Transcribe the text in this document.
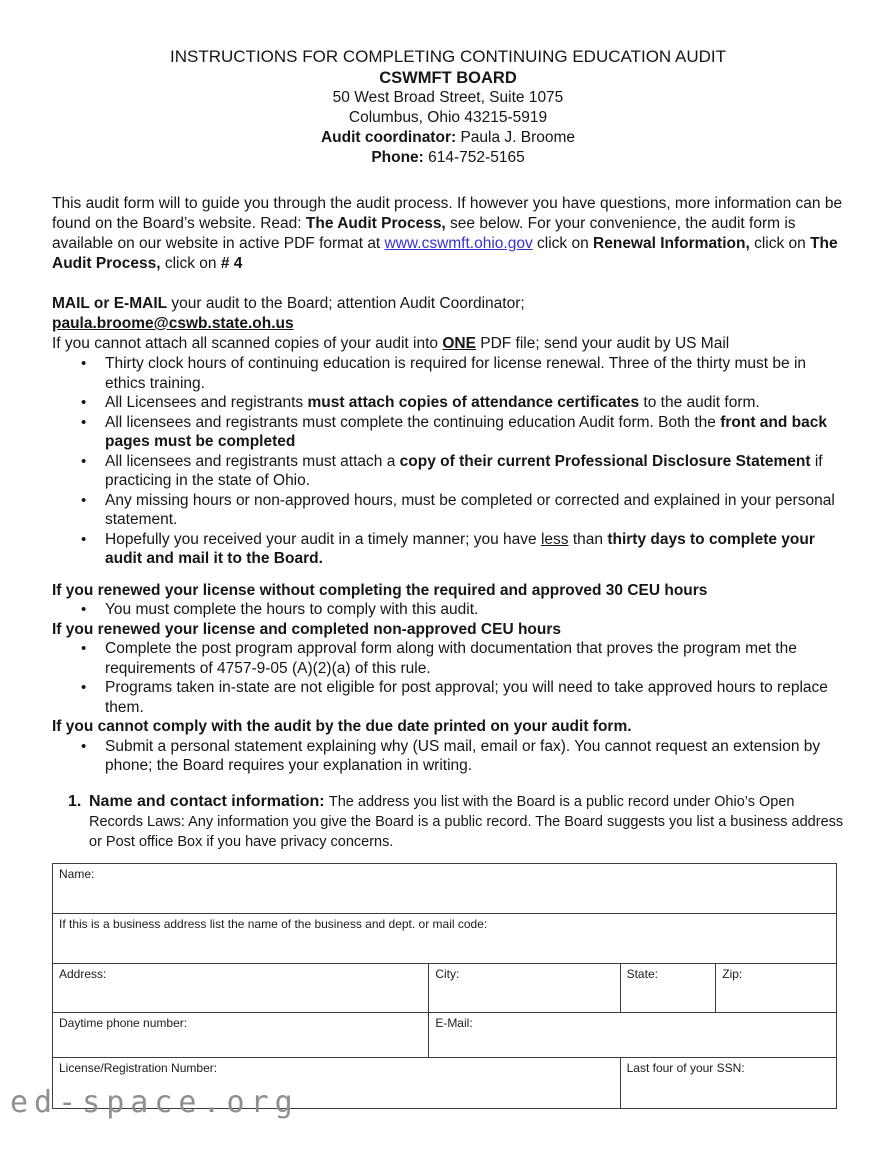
INSTRUCTIONS FOR COMPLETING CONTINUING EDUCATION AUDIT
CSWMFT BOARD
50 West Broad Street, Suite 1075
Columbus, Ohio 43215-5919
Audit coordinator: Paula J. Broome
Phone: 614-752-5165
This audit form will to guide you through the audit process. If however you have questions, more information can be found on the Board’s website. Read: The Audit Process, see below. For your convenience, the audit form is available on our website in active PDF format at www.cswmft.ohio.gov click on Renewal Information, click on The Audit Process, click on # 4
MAIL or E-MAIL your audit to the Board; attention Audit Coordinator;
paula.broome@cswb.state.oh.us
If you cannot attach all scanned copies of your audit into ONE PDF file; send your audit by US Mail
• Thirty clock hours of continuing education is required for license renewal. Three of the thirty must be in ethics training.
• All Licensees and registrants must attach copies of attendance certificates to the audit form.
• All licensees and registrants must complete the continuing education Audit form. Both the front and back pages must be completed
• All licensees and registrants must attach a copy of their current Professional Disclosure Statement if practicing in the state of Ohio.
• Any missing hours or non-approved hours, must be completed or corrected and explained in your personal statement.
• Hopefully you received your audit in a timely manner; you have less than thirty days to complete your audit and mail it to the Board.
If you renewed your license without completing the required and approved 30 CEU hours
• You must complete the hours to comply with this audit.
If you renewed your license and completed non-approved CEU hours
• Complete the post program approval form along with documentation that proves the program met the requirements of 4757-9-05 (A)(2)(a) of this rule.
• Programs taken in-state are not eligible for post approval; you will need to take approved hours to replace them.
If you cannot comply with the audit by the due date printed on your audit form.
• Submit a personal statement explaining why (US mail, email or fax). You cannot request an extension by phone; the Board requires your explanation in writing.
1. Name and contact information: The address you list with the Board is a public record under Ohio’s Open Records Laws: Any information you give the Board is a public record. The Board suggests you list a business address or Post office Box if you have privacy concerns.
Name:			
If this is a business address list the name of the business and dept. or mail code:			
Address:	City:	State:	Zip:
Daytime phone number:	E-Mail:		
License/Registration Number:		Last four of your SSN:	
ed-space.org
